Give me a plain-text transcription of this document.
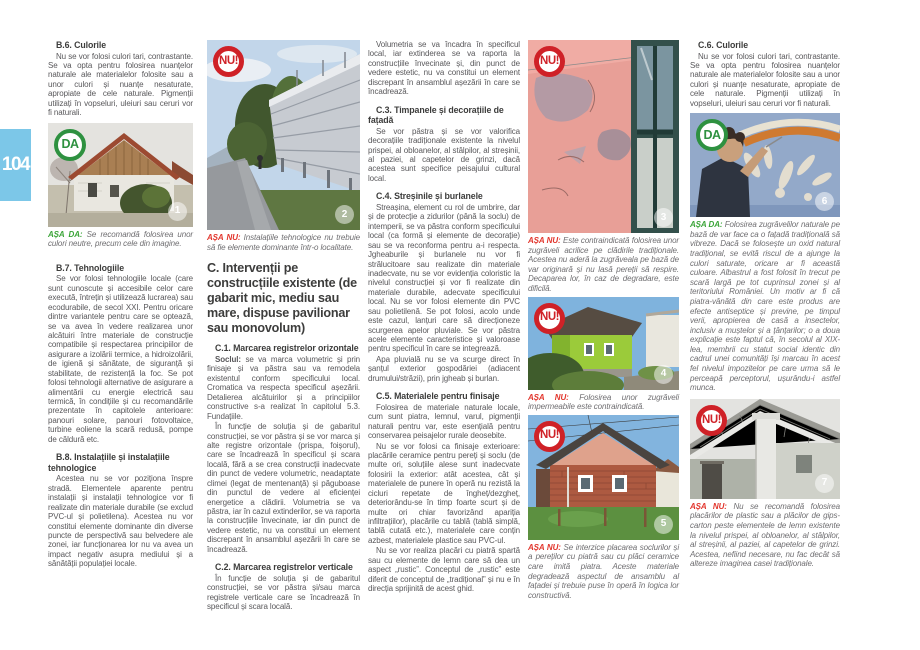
104
B.6. Culorile

Nu se vor folosi culori tari, contrastante. Se va opta pentru folosirea nuanțelor naturale ale materialelor folosite sau a unor culori și nuanțe nesaturate, apropiate de cele naturale. Pigmenții utilizați în vopseluri, uleiuri sau ceruri vor fi naturali.

DA
1
AȘA DA: Se recomandă folosirea unor culori neutre, precum cele din imagine.
B.7. Tehnologiile

Se vor folosi tehnologiile locale (care sunt cunoscute și accesibile celor care execută, întrețin și utilizează lucrarea) sau ecodurabile, de secol XXI. Pentru oricare dintre variantele pentru care se optează, se va avea în vedere realizarea unor alcătuiri între materiale de construcție compatibile și respectarea principiilor de asigurare a izolării termice, a hidroizolării, de igienă și sănătate, de siguranță și stabilitate, de rezistență la foc. Se pot folosi tehnologii alternative de asigurare a alimentării cu energie electrică sau termică, în condițiile și cu recomandările prezentate în capitolele anterioare: panouri solare, panouri fotovoltaice, turbine eoliene la scară redusă, pompe de căldură etc.

B.8. Instalațiile și instalațiile tehnologice

Acestea nu se vor poziționa înspre stradă. Elementele aparente pentru instalații și instalații tehnologice vor fi realizate din materiale durabile (se exclud PVC-ul și polietilena). Acestea nu vor constitui elemente dominante din diverse puncte de perspectivă sau belvedere ale zonei, iar funcționarea lor nu va avea un impact negativ asupra mediului și a sănătății populației locale.

NU!
2
AȘA NU: Instalațiile tehnologice nu trebuie să fie elemente dominante într-o localitate.
C. Intervenții pe construcțiile existente (de gabarit mic, mediu sau mare, dispuse pavilionar sau monovolum)
C.1. Marcarea registrelor orizontale

Soclul: se va marca volumetric și prin finisaje și va păstra sau va remodela existentul conform specificului local. Cromatica va respecta specificul așezării. Detalierea alcătuirilor și a principiilor constructive s-a realizat în capitolul 5.3. Fundațiile.

În funcție de soluția și de gabaritul construcției, se vor păstra și se vor marca și alte registre orizontale (prispa, foișorul), care se încadrează în specificul și scara locală, fără a se crea construcții inadecvate din punct de vedere volumetric, neadaptate climei (legat de mentenanță) și păguboase din punctul de vedere al eficienței energetice a clădirii. Volumetria se va păstra, iar în cazul extinderilor, se va raporta la construcțiile învecinate, iar din punct de vedere estetic, nu va constitui un element discrepant în ansamblul așezării în care se încadrează.

C.2. Marcarea registrelor verticale

În funcție de soluția și de gabaritul construcției, se vor păstra și/sau marca registrele verticale care se încadrează în specificul și scara locală.

Volumetria se va încadra în specificul local, iar extinderea se va raporta la construcțiile învecinate și, din punct de vedere estetic, nu va constitui un element discrepant în ansamblul așezării în care se încadrează.

C.3. Timpanele și decorațiile de fațadă

Se vor păstra și se vor valorifica decorațiile tradiționale existente la nivelul prispei, al obloanelor, al stâlpilor, al streșinii, al paziei, al capetelor de grinzi, dacă acestea sunt specifice peisajului cultural local.

C.4. Streșinile și burlanele

Streașina, element cu rol de umbrire, dar și de protecție a zidurilor (până la soclu) de intemperii, se va păstra conform specificului local (ca formă și elemente de decorație) sau se va reconforma pentru a-i respecta. Jgheaburile și burlanele nu vor fi strălucitoare sau realizate din materiale inadecvate, nu se vor evidenția coloristic la nivelul construcției și vor fi realizate din materiale durabile, adecvate specificului local. Nu se vor folosi elemente din PVC sau polietilenă. Se pot folosi, acolo unde este cazul, lanțuri care să direcționeze scurgerea apelor pluviale. Se vor păstra acele elemente caracteristice și valoroase pentru specificul în care se integrează.

Apa pluvială nu se va scurge direct în șanțul exterior gospodăriei (adiacent drumului/străzii), prin jgheab și burlan.

C.5. Materialele pentru finisaje

Folosirea de materiale naturale locale, cum sunt piatra, lemnul, varul, pigmenții naturali pentru var, este esențială pentru conservarea peisajelor rurale deosebite.

Nu se vor folosi ca finisaje exterioare: placările ceramice pentru pereți și soclu (de multe ori, soluțiile alese sunt inadecvate folosirii la exterior: atât acestea, cât și materialele de punere în operă nu rezistă la cicluri repetate de îngheț/dezgheț, deteriorându-se în timp foarte scurt și de multe ori chiar favorizând apariția infiltrațiilor), placările cu tablă (tablă simplă, tablă cutată etc.), materialele care conțin azbest, materialele plastice sau PVC-ul.

Nu se vor realiza placări cu piatră spartă sau cu elemente de lemn care să dea un aspect „rustic”. Conceptul de „rustic” este diferit de conceptul de „tradițional” și nu e în direcția sprijinită de acest ghid.

NU!
3
AȘA NU: Este contraindicată folosirea unor zugrăveli acrilice pe clădirile tradiționale. Acestea nu aderă la zugrăveala pe bază de var originară și nu lasă pereții să respire. Decaparea lor, în caz de degradare, este dificilă.
NU!
4
AȘA NU: Folosirea unor zugrăveli impermeabile este contraindicată.
NU!
5
AȘA NU: Se interzice placarea soclurilor și a pereților cu piatră sau cu plăci ceramice care imită piatra. Aceste materiale degradează aspectul de ansamblu al fațadei și trebuie puse în operă în logica lor constructivă.
C.6. Culorile

Nu se vor folosi culori tari, contrastante. Se va opta pentru folosirea nuanțelor naturale ale materialelor folosite sau a unor culori și nuanțe nesaturate, apropiate de cele naturale. Pigmenții utilizați în vopseluri, uleiuri sau ceruri vor fi naturali.

DA
6
AȘA DA: Folosirea zugrăvelilor naturale pe bază de var face ca o fațadă tradițională să vibreze. Dacă se folosește un oxid natural tradițional, se evită riscul de a ajunge la culori saturate, oricare ar fi această culoare. Albastrul a fost folosit în trecut pe scară largă pe tot cuprinsul zonei și al teritoriului României. Un motiv ar fi că piatra-vânătă din care este produs are efecte antiseptice și previne, pe timpul verii, apropierea de casă a insectelor, inclusiv a muștelor și a țânțarilor; o a doua explicație este faptul că, în secolul al XIX-lea, membrii cu statut social identic din cadrul unei comunități își marcau în acest fel nivelul impozitelor pe care urma să le perceapă perceptorul, ușurându-i astfel munca.
NU!
7
AȘA NU: Nu se recomandă folosirea placărilor de plastic sau a plăcilor de gips-carton peste elementele de lemn existente la nivelul prispei, al obloanelor, al stâlpilor, al streșinii, al paziei, al capetelor de grinzi. Acestea, nefiind necesare, nu fac decât să altereze imaginea casei tradiționale.
